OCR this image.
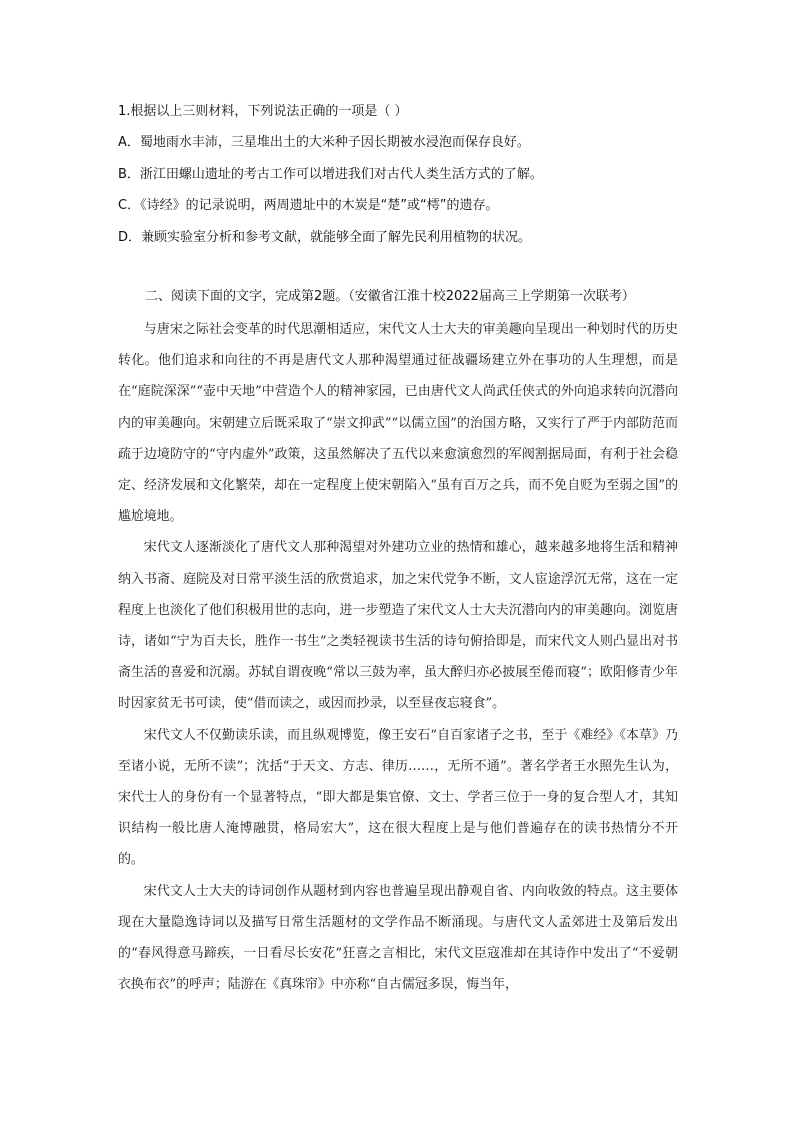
1.根据以上三则材料，下列说法正确的一项是（ ）
A．蜀地雨水丰沛，三星堆出土的大米种子因长期被水浸泡而保存良好。
B．浙江田螺山遗址的考古工作可以增进我们对古代人类生活方式的了解。
C．《诗经》的记录说明，两周遗址中的木炭是“楚”或“樗”的遗存。
D．兼顾实验室分析和参考文献，就能够全面了解先民利用植物的状况。
二、阅读下面的文字，完成第2题。（安徽省江淮十校2022届高三上学期第一次联考）

与唐宋之际社会变革的时代思潮相适应，宋代文人士大夫的审美趣向呈现出一种划时代的历史转化。他们追求和向往的不再是唐代文人那种渴望通过征战疆场建立外在事功的人生理想，而是在“庭院深深”“壶中天地”中营造个人的精神家园，已由唐代文人尚武任侠式的外向追求转向沉潜向内的审美趣向。宋朝建立后既采取了“崇文抑武”“以儒立国”的治国方略，又实行了严于内部防范而疏于边境防守的“守内虚外”政策，这虽然解决了五代以来愈演愈烈的军阀割据局面，有利于社会稳定、经济发展和文化繁荣，却在一定程度上使宋朝陷入“虽有百万之兵，而不免自贬为至弱之国”的尴尬境地。

宋代文人逐渐淡化了唐代文人那种渴望对外建功立业的热情和雄心，越来越多地将生活和精神纳入书斋、庭院及对日常平淡生活的欣赏追求，加之宋代党争不断，文人宦途浮沉无常，这在一定程度上也淡化了他们积极用世的志向，进一步塑造了宋代文人士大夫沉潜向内的审美趣向。浏览唐诗，诸如“宁为百夫长，胜作一书生”之类轻视读书生活的诗句俯拾即是，而宋代文人则凸显出对书斋生活的喜爱和沉溺。苏轼自谓夜晚“常以三鼓为率，虽大醉归亦必披展至倦而寝”；欧阳修青少年时因家贫无书可读，使“借而读之，或因而抄录，以至昼夜忘寝食”。

宋代文人不仅勤读乐读，而且纵观博览，像王安石“自百家诸子之书，至于《难经》《本草》乃至诸小说，无所不读”；沈括“于天文、方志、律历……，无所不通”。著名学者王水照先生认为，宋代士人的身份有一个显著特点，“即大都是集官僚、文士、学者三位于一身的复合型人才，其知识结构一般比唐人淹博融贯，格局宏大”，这在很大程度上是与他们普遍存在的读书热情分不开的。

宋代文人士大夫的诗词创作从题材到内容也普遍呈现出静观自省、内向收敛的特点。这主要体现在大量隐逸诗词以及描写日常生活题材的文学作品不断涌现。与唐代文人孟郊进士及第后发出的“春风得意马蹄疾，一日看尽长安花”狂喜之言相比，宋代文臣寇准却在其诗作中发出了“不爱朝衣换布衣”的呼声；陆游在《真珠帘》中亦称“自古儒冠多误，悔当年，
